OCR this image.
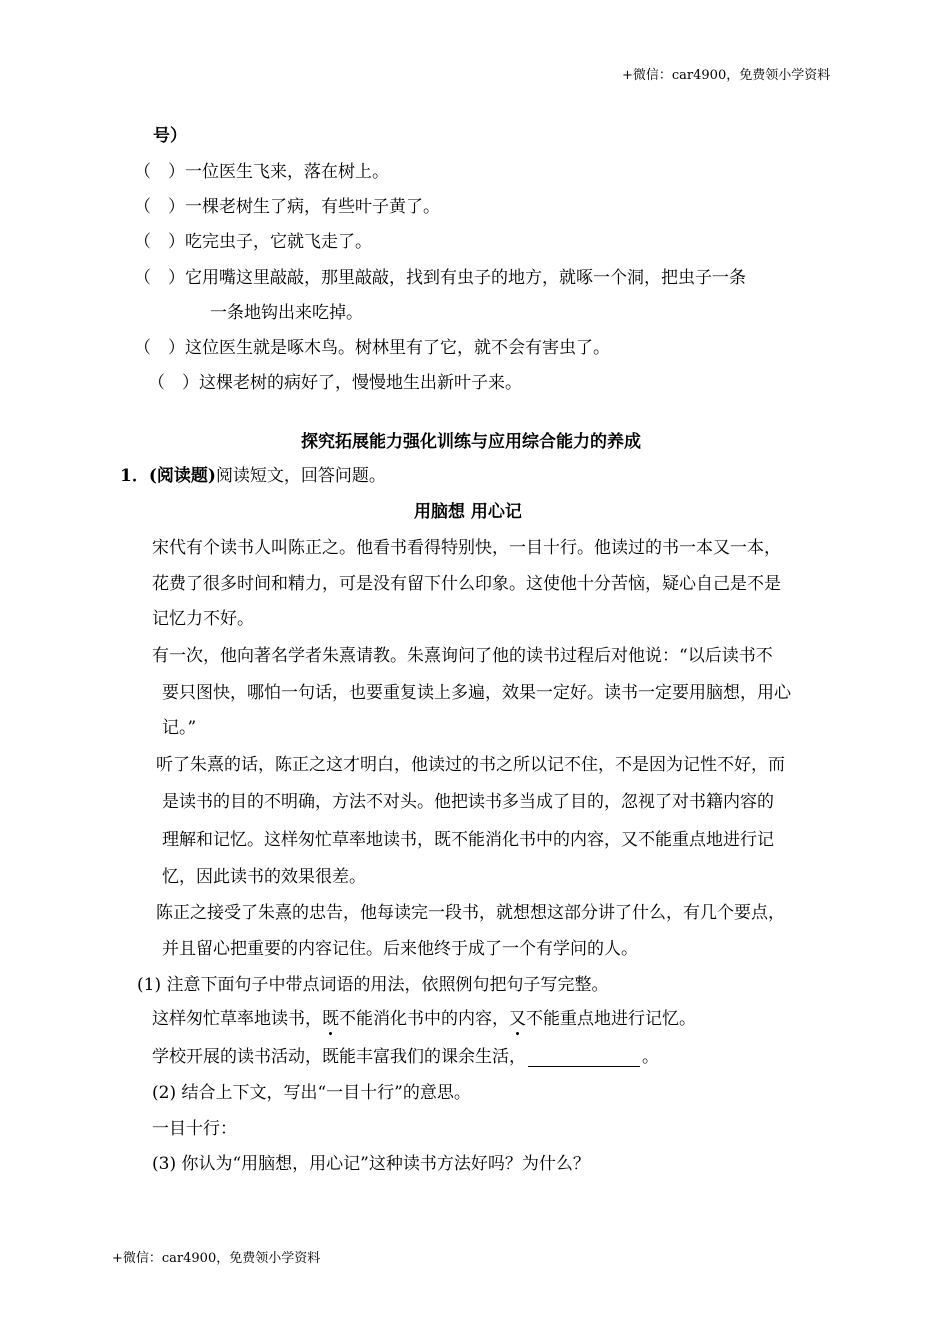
+微信：car4900，免费领小学资料
号）
（　）一位医生飞来，落在树上。
（　）一棵老树生了病，有些叶子黄了。
（　）吃完虫子，它就飞走了。
（　）它用嘴这里敲敲，那里敲敲，找到有虫子的地方，就啄一个洞，把虫子一条
一条地钩出来吃掉。
（　）这位医生就是啄木鸟。树林里有了它，就不会有害虫了。
（　）这棵老树的病好了，慢慢地生出新叶子来。
探究拓展能力强化训练与应用综合能力的养成
1．(阅读题)阅读短文，回答问题。
用脑想 用心记
宋代有个读书人叫陈正之。他看书看得特别快，一目十行。他读过的书一本又一本，
花费了很多时间和精力，可是没有留下什么印象。这使他十分苦恼，疑心自己是不是
记忆力不好。
有一次，他向著名学者朱熹请教。朱熹询问了他的读书过程后对他说：“以后读书不
要只图快，哪怕一句话，也要重复读上多遍，效果一定好。读书一定要用脑想，用心
记。”
听了朱熹的话，陈正之这才明白，他读过的书之所以记不住，不是因为记性不好，而
是读书的目的不明确，方法不对头。他把读书多当成了目的，忽视了对书籍内容的
理解和记忆。这样匆忙草率地读书，既不能消化书中的内容，又不能重点地进行记
忆，因此读书的效果很差。
陈正之接受了朱熹的忠告，他每读完一段书，就想想这部分讲了什么，有几个要点，
并且留心把重要的内容记住。后来他终于成了一个有学问的人。
(1) 注意下面句子中带点词语的用法，依照例句把句子写完整。
这样匆忙草率地读书，既
不能消化书中的内容，又
不能重点地进行记忆。
学校开展的读书活动，既能丰富我们的课余生活，	。
(2) 结合上下文，写出“一目十行”的意思。
一目十行：
(3) 你认为“用脑想，用心记”这种读书方法好吗？为什么？
+微信：car4900，免费领小学资料
